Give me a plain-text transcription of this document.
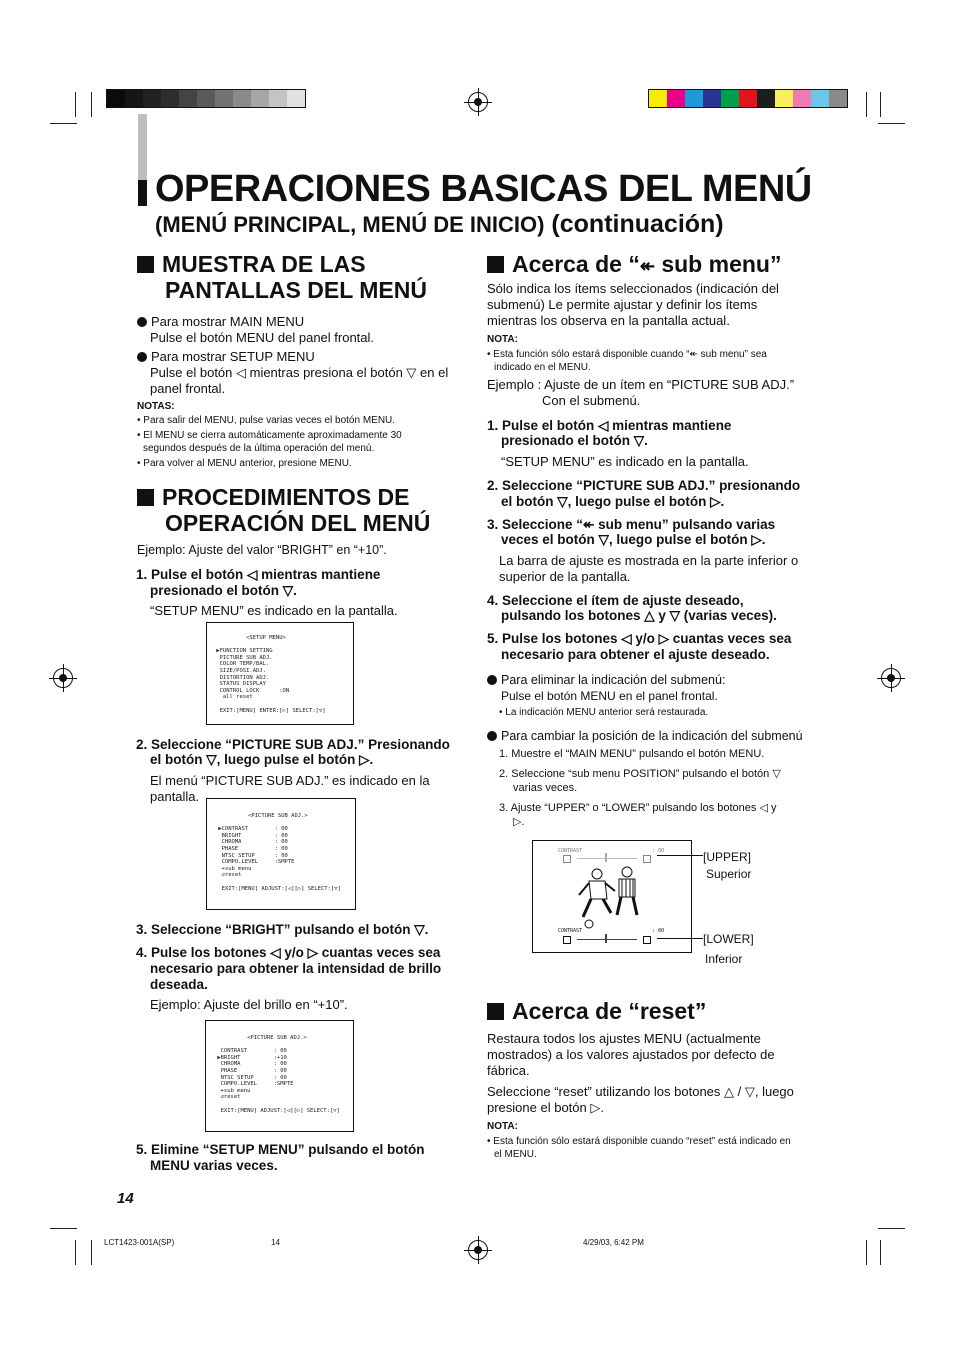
OPERACIONES BASICAS DEL MENÚ
(MENÚ PRINCIPAL, MENÚ DE INICIO) (continuación)
MUESTRA DE LAS
PANTALLAS DEL MENÚ
Para mostrar MAIN MENU
Pulse el botón MENU del panel frontal.
Para mostrar SETUP MENU
Pulse el botón ◁ mientras presiona el botón ▽ en el
panel frontal.
NOTAS:
• Para salir del MENU, pulse varias veces el botón MENU.
• El MENU se cierra automáticamente aproximadamente 30
segundos después de la última operación del menú.
• Para volver al MENU anterior, presione MENU.
PROCEDIMIENTOS DE
OPERACIÓN DEL MENÚ
Ejemplo: Ajuste del valor “BRIGHT” en “+10”.
1. Pulse el botón ◁ mientras mantiene
presionado el botón ▽.
“SETUP MENU” es indicado en la pantalla.
<SETUP MENU>

▶FUNCTION SETTING
PICTURE SUB ADJ.
COLOR TEMP/BAL.
SIZE/POSI.ADJ.
DISTORTION ADJ.
STATUS DISPLAY
CONTROL LOCK      :ON
all reset

EXIT:[MENU] ENTER:[▷] SELECT:[▽]
2. Seleccione “PICTURE SUB ADJ.” Presionando
el botón ▽, luego pulse el botón ▷.
El menú “PICTURE SUB ADJ.” es indicado en la
pantalla.
<PICTURE SUB ADJ.>

▶CONTRAST        : 00
BRIGHT          : 00
CHROMA          : 00
PHASE           : 00
NTSC SETUP      : 00
COMPO.LEVEL     :SMPTE
↞sub menu
↺reset

EXIT:[MENU] ADJUST:[◁][▷] SELECT:[▽]
3. Seleccione “BRIGHT” pulsando el botón ▽.
4. Pulse los botones ◁ y/o ▷ cuantas veces sea
necesario para obtener la intensidad de brillo
deseada.
Ejemplo: Ajuste del brillo en “+10”.
<PICTURE SUB ADJ.>

CONTRAST        : 00
▶BRIGHT          :+10
CHROMA          : 00
PHASE           : 00
NTSC SETUP      : 00
COMPO.LEVEL     :SMPTE
↞sub menu
↺reset

EXIT:[MENU] ADJUST:[◁][▷] SELECT:[▽]
5. Elimine “SETUP MENU” pulsando el botón
MENU varias veces.
Acerca de “↞ sub menu”
Sólo indica los ítems seleccionados (indicación del
submenú) Le permite ajustar y definir los ítems
mientras los observa en la pantalla actual.
NOTA:
• Esta función sólo estará disponible cuando “↞ sub menu” sea
indicado en el MENU.
Ejemplo : Ajuste de un ítem en “PICTURE SUB ADJ.”
Con el submenú.
1. Pulse el botón ◁ mientras mantiene
presionado el botón ▽.
“SETUP MENU” es indicado en la pantalla.
2. Seleccione “PICTURE SUB ADJ.” presionando
el botón ▽, luego pulse el botón ▷.
3. Seleccione “↞ sub menu” pulsando varias
veces el botón ▽, luego pulse el botón ▷.
La barra de ajuste es mostrada en la parte inferior o
superior de la pantalla.
4. Seleccione el ítem de ajuste deseado,
pulsando los botones △ y ▽ (varias veces).
5. Pulse los botones ◁ y/o ▷ cuantas veces sea
necesario para obtener el ajuste deseado.
Para eliminar la indicación del submenú:
Pulse el botón MENU en el panel frontal.
• La indicación MENU anterior será restaurada.
Para cambiar la posición de la indicación del submenú
1. Muestre el “MAIN MENU” pulsando el botón MENU.
2. Seleccione “sub menu POSITION” pulsando el botón ▽
varias veces.
3. Ajuste “UPPER” o “LOWER” pulsando los botones ◁ y
▷.
CONTRAST	: 00
CONTRAST	: 00
[UPPER]
Superior
[LOWER]
Inferior
Acerca de “reset”
Restaura todos los ajustes MENU (actualmente
mostrados) a los valores ajustados por defecto de
fábrica.
Seleccione “reset” utilizando los botones △ / ▽, luego
presione el botón ▷.
NOTA:
• Esta función sólo estará disponible cuando “reset” está indicado en
el MENU.
14
LCT1423-001A(SP)	14	4/29/03, 6:42 PM
